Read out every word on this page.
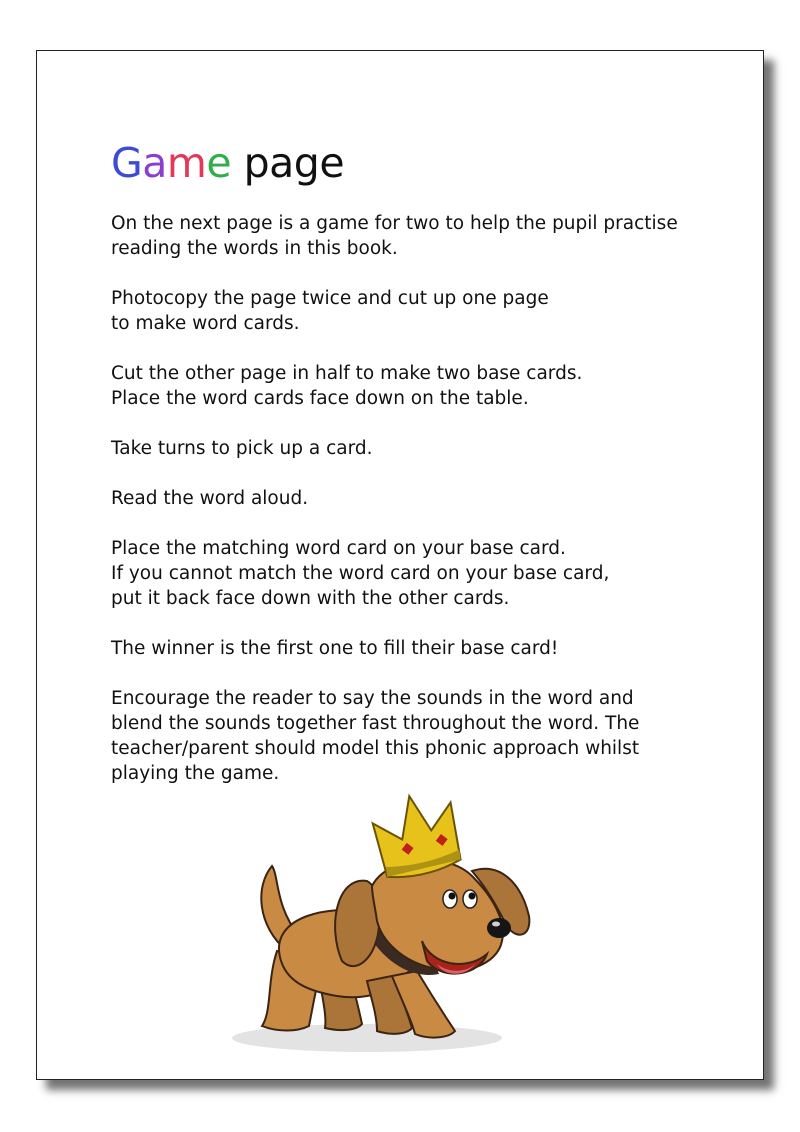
Game page

On the next page is a game for two to help the pupil practise
reading the words in this book.

Photocopy the page twice and cut up one page
to make word cards.

Cut the other page in half to make two base cards.
Place the word cards face down on the table.

Take turns to pick up a card.

Read the word aloud.

Place the matching word card on your base card.
If you cannot match the word card on your base card,
put it back face down with the other cards.

The winner is the first one to fill their base card!

Encourage the reader to say the sounds in the word and
blend the sounds together fast throughout the word. The
teacher/parent should model this phonic approach whilst
playing the game.
